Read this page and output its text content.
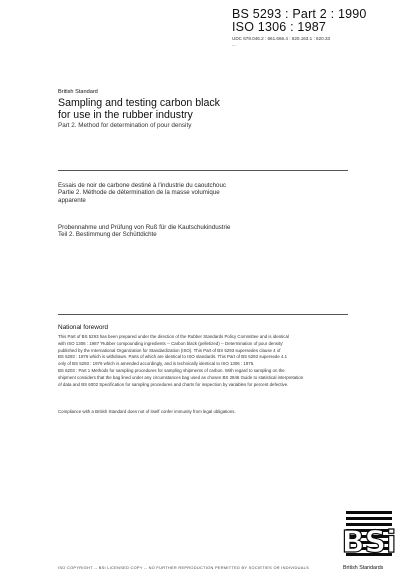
BS 5293 : Part 2 : 1990
ISO 1306 : 1987
UDC 678.046.2 : 661.666.4 : 620.163.1 : 620.33
...
British Standard
Sampling and testing carbon black
for use in the rubber industry
Part 2. Method for determination of pour density
Essais de noir de carbone destiné à l'industrie du caoutchouc
Partie 2. Méthode de détermination de la masse volumique
apparente
Probennahme und Prüfung von Ruß für die Kautschukindustrie
Teil 2. Bestimmung der Schüttdichte
National foreword
This Part of BS 5293 has been prepared under the direction of the Rubber Standards Policy Committee and is identical
with ISO 1306 : 1987 'Rubber compounding ingredients -- Carbon black (pelletized) -- Determination of pour density'
published by the International Organization for Standardization (ISO). This Part of BS 5293 supersedes clause 4 of
BS 5293 : 1976 which is withdrawn. Parts of which are identical to ISO standards. This Part of BS 5293 supersede 4.1
only of BS 5293 : 1976 which is amended accordingly, and is technically identical to ISO 1306 : 1975.
BS 6203 : Part 1 Methods for sampling procedures for sampling shipments of carbon. With regard to sampling on the
shipment considers that the bag lined under any circumstances bag used as chosen BS 2846 Guide to statistical interpretation
of data and BS 6002 Specification for sampling procedures and charts for inspection by variables for percent defective.
Compliance with a British Standard does not of itself confer immunity from legal obligations.
BSi
ISO COPYRIGHT -- BSI LICENSED COPY -- NO FURTHER REPRODUCTION PERMITTED BY SOCIETIES OR INDIVIDUALS	British Standards
